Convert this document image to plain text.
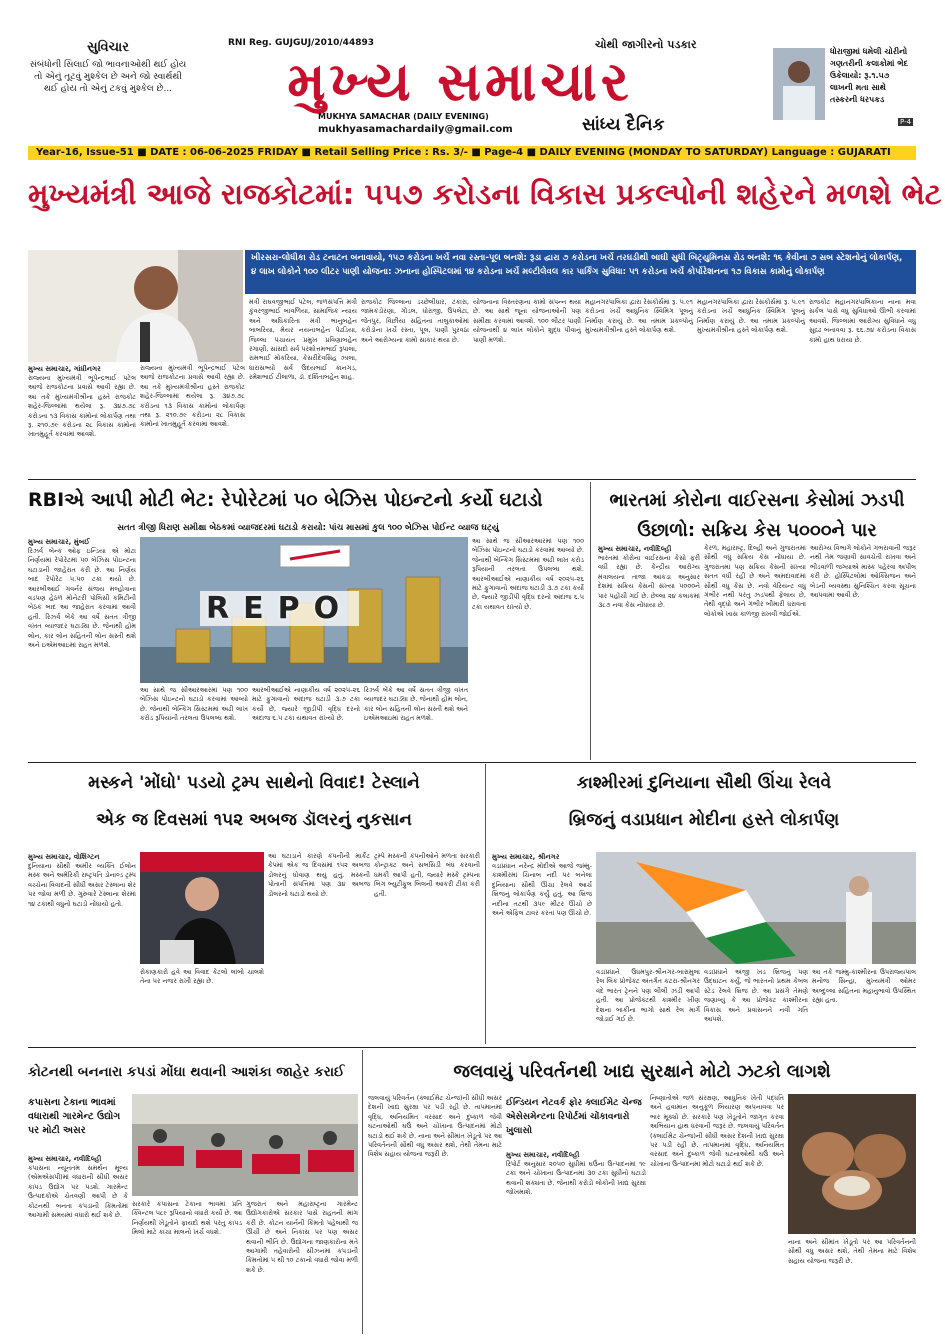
સુવિચાર
સંબંધોની સિલાઈ જો ભાવનાઓથી થઈ હોય તો એનું તૂટવું મુશ્કેલ છે અને જો સ્વાર્થથી થઈ હોય તો એનું ટકવું મુશ્કેલ છે...
RNI Reg. GUJGUJ/2010/44893	ચોથી જાગીરનો પડકાર
મુખ્ય સમાચાર
MUKHYA SAMACHAR (DAILY EVENING)
mukhyasamachardaily@gmail.com	સાંધ્ય દૈનિક
ધોરાજીમાં ધમેલી ચોરીનો ગણતરીની કલાકોમાં ભેદ ઉકેલાયો: રૂ.૧.૫૭ લાખની મતા સાથે તસ્કરની ધરપકડ
P-4
Year-16, Issue-51 ■ DATE : 06-06-2025 FRIDAY ■ Retail Selling Price : Rs. 3/- ■ Page-4 ■ DAILY EVENING (MONDAY TO SATURDAY) Language : GUJARATI
મુખ્યમંત્રી આજે રાજકોટમાં: ૫૫૭ કરોડના વિકાસ પ્રકલ્પોની શહેરને મળશે ભેટ
ખીરસરા-લોધીકા રોડ ટનાટન બનાવાયો, ૧૫૭ કરોડના ખર્ચે નવા રસ્તા-પૂલ બનશે: રૂડા દ્વારા ૭ કરોડના ખર્ચે તરઘડીથી બાઘી સુધી બિટ્યુમિનસ રોડ બનશે: ૧૬ કેવીના ૭ સબ સ્ટેશનોનું લોકાર્પણ, ૪ લાખ લોકોને ૧૦૦ લીટર પાણી યોજના: ઝનાના હોસ્પિટલમાં ૧૪ કરોડના ખર્ચે મલ્ટીલેવલ કાર પાર્કિંગ સુવિધા: ૫૧ કરોડના ખર્ચે કોર્પોરેશનના ૧૭ વિકાસ કામોનું લોકાર્પણ
મુખ્ય સમાચાર, ગાંધીનગર
રાજ્યના મુખ્યમંત્રી ભૂપેન્દ્રભાઈ પટેલ આજે રાજકોટના પ્રવાસે આવી રહ્યા છે. આ તકે મુખ્યમંત્રીશ્રીના હસ્તે રાજકોટ શહેર-જિલ્લામાં થયેલા રૂ. ૩૪૭.૭૮ કરોડના ૧૩ વિકાસ કામોનાં લોકાર્પણ તથા રૂ. ૨૧૦.૭૯ કરોડના ૨૮ વિકાસ કામોનાં ખાતમુહૂર્ત કરવામાં આવશે.
રાજ્યના મુખ્યમંત્રી ભૂપેન્દ્રભાઈ પટેલ આજે રાજકોટના પ્રવાસે આવી રહ્યા છે. આ તકે મુખ્યમંત્રીશ્રીના હસ્તે રાજકોટ શહેર-જિલ્લામાં થયેલા રૂ. ૩૪૭.૭૮ કરોડના ૧૩ વિકાસ કામોનાં લોકાર્પણ તથા રૂ. ૨૧૦.૭૯ કરોડના ૨૮ વિકાસ કામોનાં ખાતમુહૂર્ત કરવામાં આવશે.
મંત્રી રાઘવજીભાઈ પટેલ, જળસંપત્તિ મંત્રી કુંવરજીભાઈ બાવળિયા, સામાજિક ન્યાય અને અધિકારિતા મંત્રી ભાનુબહેન બાબરિયા, મેયર નયનાબહેન પેઢડિયા, જિલ્લા પંચાયત પ્રમુખ પ્રવિણાબહેન રંગાણી, સાંસદો સર્વ પરશોત્તમભાઈ રૂપાલા, રામભાઈ મોકરિયા, કેસરીદેવસિંહ ઝાલા, ધારાસભ્યો સર્વ ઉદયભાઈ કાનગડ, રમેશભાઈ ટીલાળા, ડૉ. દર્શિતાબહેન શાહ.
રાજકોટ જિલ્લાના ડચ્છેલીધાર, ટંકારા, જામકંડોરણા, ગોંડલ, ધોરાજી, ઉપલેટા, જેતપુર, વિંછીયા સહિતના તાલુકાઓમાં કરોડોના ખર્ચે રસ્તા, પૂલ, પાણી પુરવઠા અને આરોગ્યના કામો સાકાર થયા છે.
યોજનાના વિસ્તરણના કામો સંપન્ન થયા છે. આ સાથે જૂના યોજનાઓની પણ સમીક્ષા કરવામાં આવશે. ૧૦૦ લીટર પાણી યોજનાથી ૪ લાખ લોકોને શુદ્ધ પીવાનું પાણી મળશે.
મહાનગરપાલિકા દ્વારા રેસકોર્સમાં રૂ. ૫.૯૧ કરોડના ખર્ચે આધુનિક સ્વિમિંગ પૂલનું નિર્માણ કરાયું છે. આ તમામ પ્રકલ્પોનું મુખ્યમંત્રીશ્રીના હસ્તે લોકાર્પણ થશે.
મહાનગરપાલિકા દ્વારા રેસકોર્સમાં રૂ. ૫.૯૧ કરોડના ખર્ચે આધુનિક સ્વિમિંગ પૂલનું નિર્માણ કરાયું છે. આ તમામ પ્રકલ્પોનું મુખ્યમંત્રીશ્રીના હસ્તે લોકાર્પણ થશે.
રાજકોટ મહાનગરપાલિકાના નાના મવા સર્કલ પાસે વધુ સુવિધાઓ ઊભી કરવામાં આવશે. જિલ્લામાં આરોગ્ય સુવિધાને વધુ સુદ્રઢ બનાવવા રૂ. ૬૬.૭૪ કરોડના વિકાસ કામો હાથ ધરાયા છે.
RBIએ આપી મોટી ભેટ: રેપોરેટમાં ૫૦ બેઝિસ પોઇન્ટનો કર્યો ઘટાડો
સતત ત્રીજી ધિરાણ સમીક્ષા બેઠકમાં વ્યાજદરમાં ઘટાડો કરાયો: પાંચ માસમાં કુલ ૧૦૦ બેઝિસ પોઈન્ટ વ્યાજ ઘટ્યું
મુખ્ય સમાચાર, મુંબઈ
રિઝર્વ બેન્ક ઓફ ઇન્ડિયા એ મોટા નિર્ણયમાં રેપોરેટમાં ૫૦ બેઝિસ પોઇન્ટના ઘટાડાની જાહેરાત કરી છે. આ નિર્ણય બાદ રેપોરેટ ૫.૫૦ ટકા થયો છે. આરબીઆઈ ગવર્નર સંજય મલ્હોત્રાના વડપણ હેઠળ મોનેટરી પોલિસી કમિટીની બેઠક બાદ આ જાહેરાત કરવામાં આવી હતી. રિઝર્વ બેંકે આ વર્ષે સતત ત્રીજી વખત વ્યાજદર ઘટાડ્યા છે. જેનાથી હોમ લોન, કાર લોન સહિતની લોન સસ્તી થશે અને ઇએમઆઇમાં રાહત મળશે.
REPO
આ સાથે જ સીઆરઆરમાં પણ ૧૦૦ બેઝિસ પોઇન્ટનો ઘટાડો કરવામાં આવ્યો છે. જેનાથી બેન્કિંગ સિસ્ટમમાં અઢી લાખ કરોડ રૂપિયાની તરલતા ઉપલબ્ધ થશે.
આરબીઆઈએ નાણાકીય વર્ષ ૨૦૨૫-૨૬ માટે ફુગાવાનો અંદાજ ઘટાડી ૩.૭ ટકા કર્યો છે, જ્યારે જીડીપી વૃદ્ધિ દરનો અંદાજ ૬.૫ ટકા યથાવત રાખ્યો છે.
રિઝર્વ બેંકે આ વર્ષે સતત ત્રીજી વખત વ્યાજદર ઘટાડ્યા છે. જેનાથી હોમ લોન, કાર લોન સહિતની લોન સસ્તી થશે અને ઇએમઆઇમાં રાહત મળશે.
આ સાથે જ સીઆરઆરમાં પણ ૧૦૦ બેઝિસ પોઇન્ટનો ઘટાડો કરવામાં આવ્યો છે. જેનાથી બેન્કિંગ સિસ્ટમમાં અઢી લાખ કરોડ રૂપિયાની તરલતા ઉપલબ્ધ થશે. આરબીઆઈએ નાણાકીય વર્ષ ૨૦૨૫-૨૬ માટે ફુગાવાનો અંદાજ ઘટાડી ૩.૭ ટકા કર્યો છે, જ્યારે જીડીપી વૃદ્ધિ દરનો અંદાજ ૬.૫ ટકા યથાવત રાખ્યો છે.
ભારતમાં કોરોના વાઈરસના કેસોમાં ઝડપી ઉછાળો: સક્રિય કેસ ૫૦૦૦ને પાર
મુખ્ય સમાચાર, નવીદિલ્હી
ભારતમાં કોરોના વાઈરસના કેસો ફરી વધી રહ્યા છે. કેન્દ્રીય આરોગ્ય મંત્રાલયના તાજા આંકડા અનુસાર દેશમાં સક્રિય કેસની સંખ્યા ૫૦૦૦ને પાર પહોંચી ગઈ છે. છેલ્લા ૨૪ કલાકમાં ૩૮૭ નવા કેસ નોંધાયા છે.
કેરળ, મહારાષ્ટ્ર, દિલ્હી અને ગુજરાતમાં સૌથી વધુ સક્રિય કેસ નોંધાયા છે. ગુજરાતમાં પણ સક્રિય કેસની સંખ્યા સતત વધી રહી છે અને અમદાવાદમાં સૌથી વધુ કેસ છે. નવો વેરિયન્ટ વધુ ગંભીર નથી પરંતુ ઝડપથી ફેલાય છે, તેથી વૃદ્ધો અને ગંભીર બીમારી ધરાવતા લોકોએ ખાસ કાળજી રાખવી જોઈએ.
આરોગ્ય વિભાગે લોકોને ગભરાવાની જરૂર નથી તેમ જણાવી સાવચેતી રાખવા અને ભીડવાળી જગ્યાએ માસ્ક પહેરવા અપીલ કરી છે. હોસ્પિટલોમાં ઓક્સિજન અને બેડની વ્યવસ્થા સુનિશ્ચિત કરવા સૂચના આપવામાં આવી છે.
મસ્કને 'મોંઘો' પડયો ટ્રમ્પ સાથેનો વિવાદ! ટેસ્લાને
એક જ દિવસમાં ૧૫૨ અબજ ડૉલરનું નુકસાન
મુખ્ય સમાચાર, વોશિંગ્ટન
દુનિયાના સૌથી અમીર વ્યક્તિ ઈલોન મસ્ક અને અમેરિકી રાષ્ટ્રપતિ ડોનાલ્ડ ટ્રમ્પ વચ્ચેના વિવાદની સીધી અસર ટેસ્લાના શેર પર જોવા મળી છે. ગુરુવારે ટેસ્લાના શેરમાં ૧૪ ટકાથી વધુનો ઘટાડો નોંધાયો હતો.
રોકાણકારો હવે આ વિવાદ કેટલો લાંબો ચાલશે તેના પર નજર રાખી રહ્યા છે.
આ ઘટાડાને કારણે કંપનીની માર્કેટ કેપમાં એક જ દિવસમાં ૧૫૨ અબજ ડોલરનું ધોવાણ થયું હતું. મસ્કની પોતાની સંપત્તિમાં પણ ૩૪ અબજ ડોલરનો ઘટાડો થયો છે.
ટ્રમ્પે મસ્કની કંપનીઓને મળતા સરકારી કોન્ટ્રાક્ટ અને સબસિડી બંધ કરવાની ધમકી આપી હતી, જ્યારે મસ્કે ટ્રમ્પના બિગ બ્યુટીફુલ બિલની આકરી ટીકા કરી હતી.
કાશ્મીરમાં દુનિયાના સૌથી ઊંચા રેલવે
બ્રિજનું વડાપ્રધાન મોદીના હસ્તે લોકાર્પણ
મુખ્ય સમાચાર, શ્રીનગર
વડાપ્રધાન નરેન્દ્ર મોદીએ આજે જમ્મુ-કાશ્મીરમાં ચિનાબ નદી પર બનેલા દુનિયાના સૌથી ઊંચા રેલવે આર્ચ બ્રિજનું લોકાર્પણ કર્યું હતું. આ બ્રિજ નદીના તટથી ૩૫૯ મીટર ઊંચો છે અને એફિલ ટાવર કરતાં પણ ઊંચો છે.
વડાપ્રધાને ઉધમપુર-શ્રીનગર-બારામુલા રેલ લિંક પ્રોજેક્ટ અંતર્ગત કટરા-શ્રીનગર વંદે ભારત ટ્રેનને પણ લીલી ઝંડી આપી હતી. આ પ્રોજેક્ટથી કાશ્મીર ખીણ દેશના બાકીના ભાગો સાથે રેલ માર્ગે જોડાઈ ગઈ છે.
વડાપ્રધાને અંજી ખડ બ્રિજનું પણ ઉદ્ઘાટન કર્યું, જે ભારતનો પ્રથમ કેબલ સ્ટેડ રેલવે બ્રિજ છે. આ પ્રસંગે તેમણે જણાવ્યું કે આ પ્રોજેક્ટ કાશ્મીરના વિકાસ અને પ્રવાસનને નવી ગતિ આપશે.
આ તકે જમ્મુ-કાશ્મીરના ઉપરાજ્યપાલ મનોજ સિન્હા, મુખ્યમંત્રી ઓમર અબ્દુલ્લા સહિતના મહાનુભાવો ઉપસ્થિત રહ્યા હતા.
કોટનથી બનનારા કપડાં મોંઘા થવાની આશંકા જાહેર કરાઈ
કપાસના ટેકાના ભાવમાં વધારાથી ગારમેન્ટ ઉદ્યોગ પર મોટી અસર
મુખ્ય સમાચાર, નવીદિલ્હી
કપાસના ન્યૂનતમ સમર્થન મૂલ્ય (એમએસપી)માં વધારાની સીધી અસર કાપડ ઉદ્યોગ પર પડશે. ગારમેન્ટ ઉત્પાદકોએ ચેતવણી આપી છે કે કોટનથી બનતા કપડાંની કિંમતોમાં આગામી સમયમાં વધારો થઈ શકે છે.
સરકારે કપાસના ટેકાના ભાવમાં પ્રતિ ક્વિન્ટલ ૫૮૯ રૂપિયાનો વધારો કર્યો છે. આ નિર્ણયથી ખેડૂતોને ફાયદો થશે પરંતુ કાપડ મિલો માટે કાચા માલનો ખર્ચ વધશે.
ગુજરાત અને મહારાષ્ટ્રના ગારમેન્ટ ઉદ્યોગકારોએ સરકાર પાસે રાહતની માંગ કરી છે. કોટન યાર્નની કિંમતો પહેલાથી જ ઊંચી છે અને નિકાસ પર પણ અસર થવાની ભીતિ છે. ઉદ્યોગના જાણકારોના મતે આગામી તહેવારોની સીઝનમાં કપડાંની કિંમતોમાં ૫ થી ૧૦ ટકાનો વધારો જોવા મળી શકે છે.
જલવાયું પરિવર્તનથી ખાદ્ય સુરક્ષાને મોટો ઝટકો લાગશે
ઈન્ડિયન નેટવર્ક ફોર ક્લાઈમેટ ચેન્જ એસેસમેન્ટના રિપોર્ટમાં ચોંકાવનારો ખુલાસો
જલવાયું પરિવર્તન (ક્લાઈમેટ ચેન્જ)ની સીધી અસર દેશની ખાદ્ય સુરક્ષા પર પડી રહી છે. તાપમાનમાં વૃદ્ધિ, અનિયમિત વરસાદ અને દુષ્કાળ જેવી ઘટનાઓથી ઘઉં અને ચોખાના ઉત્પાદનમાં મોટો ઘટાડો થઈ શકે છે. નાના અને સીમાંત ખેડૂતો પર આ પરિવર્તનની સૌથી વધુ અસર થશે, તેથી તેમના માટે વિશેષ સહાય યોજના જરૂરી છે.	મુખ્ય સમાચાર, નવીદિલ્હી
રિપોર્ટ અનુસાર ૨૦૫૦ સુધીમાં ઘઉંના ઉત્પાદનમાં ૧૯ ટકા અને ચોખાના ઉત્પાદનમાં ૩૦ ટકા સુધીનો ઘટાડો થવાની શક્યતા છે. જેનાથી કરોડો લોકોની ખાદ્ય સુરક્ષા જોખમાશે.
નિષ્ણાતોએ જળ સંરક્ષણ, આધુનિક ખેતી પદ્ધતિ અને હવામાન અનુકૂળ બિયારણ અપનાવવા પર ભાર મૂક્યો છે. સરકારે પણ ખેડૂતોને જાગૃત કરવા અભિયાન હાથ ધરવાની જરૂર છે. જલવાયું પરિવર્તન (ક્લાઈમેટ ચેન્જ)ની સીધી અસર દેશની ખાદ્ય સુરક્ષા પર પડી રહી છે. તાપમાનમાં વૃદ્ધિ, અનિયમિત વરસાદ અને દુષ્કાળ જેવી ઘટનાઓથી ઘઉં અને ચોખાના ઉત્પાદનમાં મોટો ઘટાડો થઈ શકે છે.
નાના અને સીમાંત ખેડૂતો પર આ પરિવર્તનની સૌથી વધુ અસર થશે, તેથી તેમના માટે વિશેષ સહાય યોજના જરૂરી છે.
